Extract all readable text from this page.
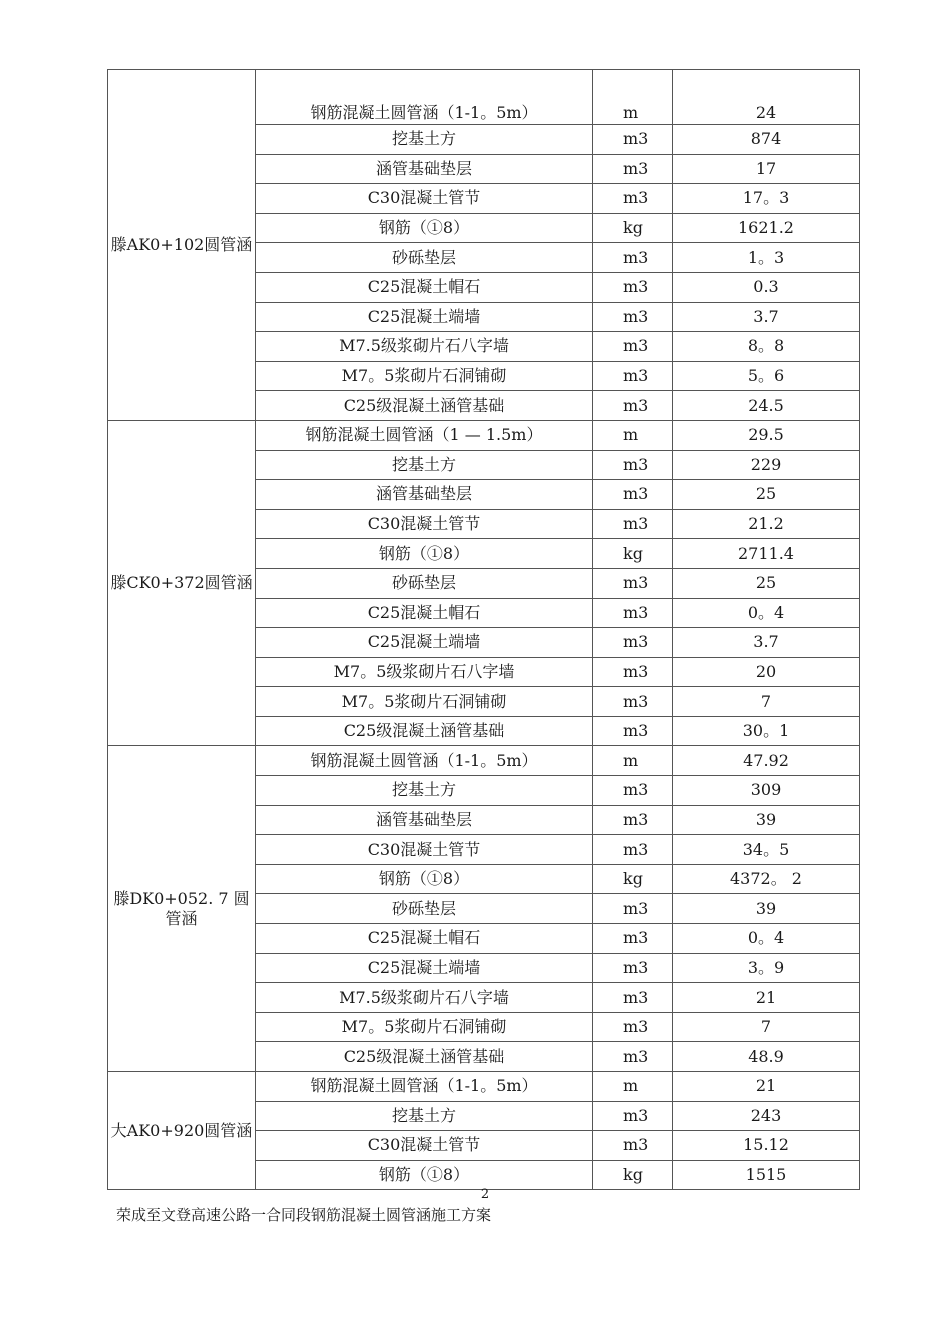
滕AK0+102圆管涵	钢筋混凝土圆管涵（1-1。5m）	m	24
	挖基土方	m3	874
	涵管基础垫层	m3	17
	C30混凝土管节	m3	17。3
	钢筋（①8）	kg	1621.2
	砂砾垫层	m3	1。3
	C25混凝土帽石	m3	0.3
	C25混凝土端墙	m3	3.7
	M7.5级浆砌片石八字墙	m3	8。8
	M7。5浆砌片石洞铺砌	m3	5。6
	C25级混凝土涵管基础	m3	24.5
滕CK0+372圆管涵	钢筋混凝土圆管涵（1 — 1.5m）	m	29.5
	挖基土方	m3	229
	涵管基础垫层	m3	25
	C30混凝土管节	m3	21.2
	钢筋（①8）	kg	2711.4
	砂砾垫层	m3	25
	C25混凝土帽石	m3	0。4
	C25混凝土端墙	m3	3.7
	M7。5级浆砌片石八字墙	m3	20
	M7。5浆砌片石洞铺砌	m3	7
	C25级混凝土涵管基础	m3	30。1
滕DK0+052. 7 圆管涵	钢筋混凝土圆管涵（1-1。5m）	m	47.92
	挖基土方	m3	309
	涵管基础垫层	m3	39
	C30混凝土管节	m3	34。5
	钢筋（①8）	kg	4372。 2
	砂砾垫层	m3	39
	C25混凝土帽石	m3	0。4
	C25混凝土端墙	m3	3。9
	M7.5级浆砌片石八字墙	m3	21
	M7。5浆砌片石洞铺砌	m3	7
	C25级混凝土涵管基础	m3	48.9
大AK0+920圆管涵	钢筋混凝土圆管涵（1-1。5m）	m	21
	挖基土方	m3	243
	C30混凝土管节	m3	15.12
	钢筋（①8）	kg	1515
2
荣成至文登高速公路一合同段钢筋混凝土圆管涵施工方案
